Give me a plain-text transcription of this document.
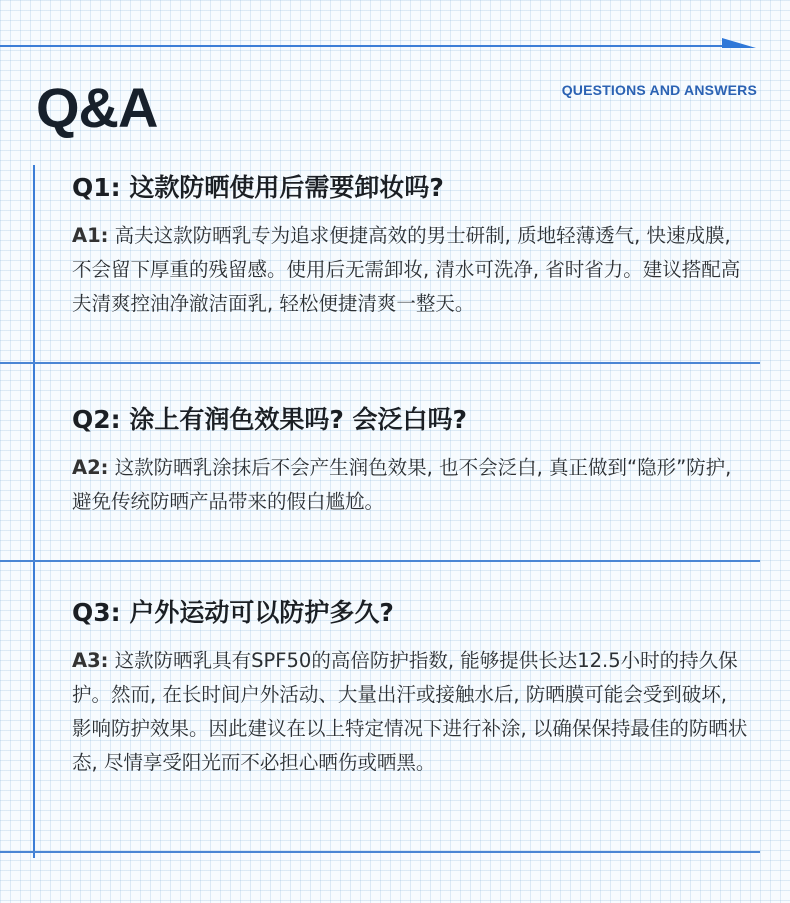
Q&A	QUESTIONS AND ANSWERS
Q1: 这款防晒使用后需要卸妆吗?
A1: 高夫这款防晒乳专为追求便捷高效的男士研制, 质地轻薄透气, 快速成膜, 不会留下厚重的残留感。使用后无需卸妆, 清水可洗净, 省时省力。建议搭配高夫清爽控油净澈洁面乳, 轻松便捷清爽一整天。
Q2: 涂上有润色效果吗? 会泛白吗?
A2: 这款防晒乳涂抹后不会产生润色效果, 也不会泛白, 真正做到“隐形”防护, 避免传统防晒产品带来的假白尴尬。
Q3: 户外运动可以防护多久?
A3: 这款防晒乳具有SPF50的高倍防护指数, 能够提供长达12.5小时的持久保护。然而, 在长时间户外活动、大量出汗或接触水后, 防晒膜可能会受到破坏, 影响防护效果。因此建议在以上特定情况下进行补涂, 以确保保持最佳的防晒状态, 尽情享受阳光而不必担心晒伤或晒黑。
